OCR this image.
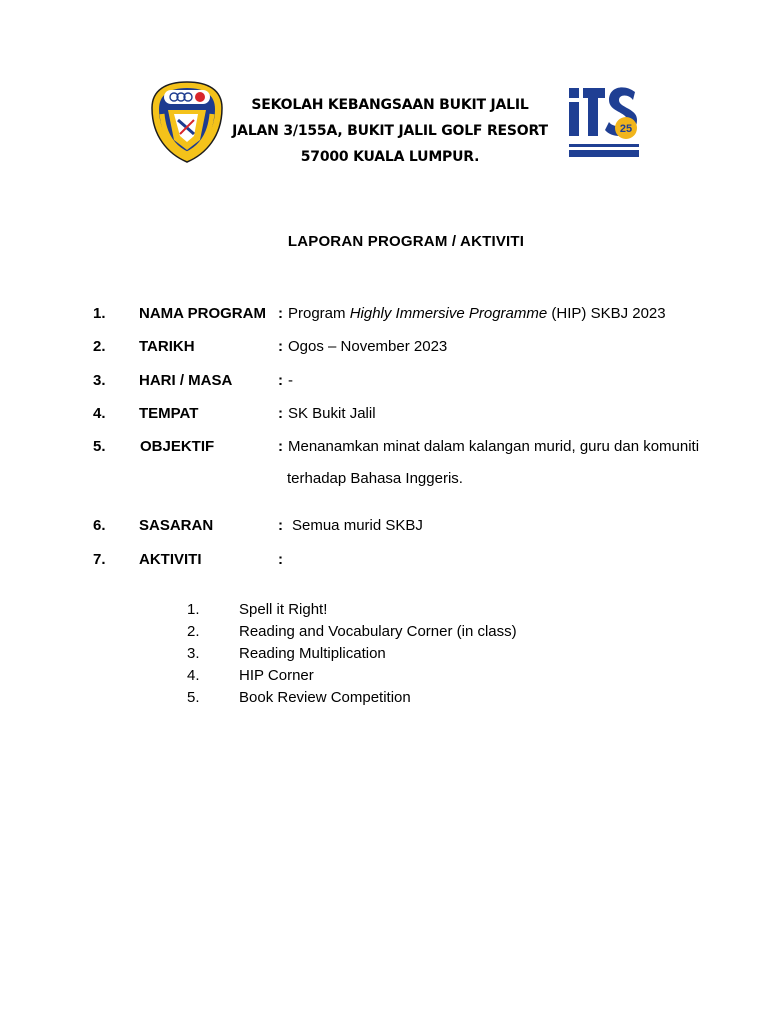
SEKOLAH KEBANGSAAN BUKIT JALIL
JALAN 3/155A, BUKIT JALIL GOLF RESORT
57000 KUALA LUMPUR.
25
LAPORAN PROGRAM / AKTIVITI
1. NAMA PROGRAM : Program Highly Immersive Programme (HIP) SKBJ 2023
2. TARIKH	: Ogos – November 2023
3. HARI / MASA	: -
4. TEMPAT	: SK Bukit Jalil
5. OBJEKTIF	: Menanamkan minat dalam kalangan murid, guru dan komuniti
terhadap Bahasa Inggeris.
6. SASARAN	: Semua murid SKBJ
7. AKTIVITI	:
1.	Spell it Right!
2.	Reading and Vocabulary Corner (in class)
3.	Reading Multiplication
4.	HIP Corner
5.	Book Review Competition
